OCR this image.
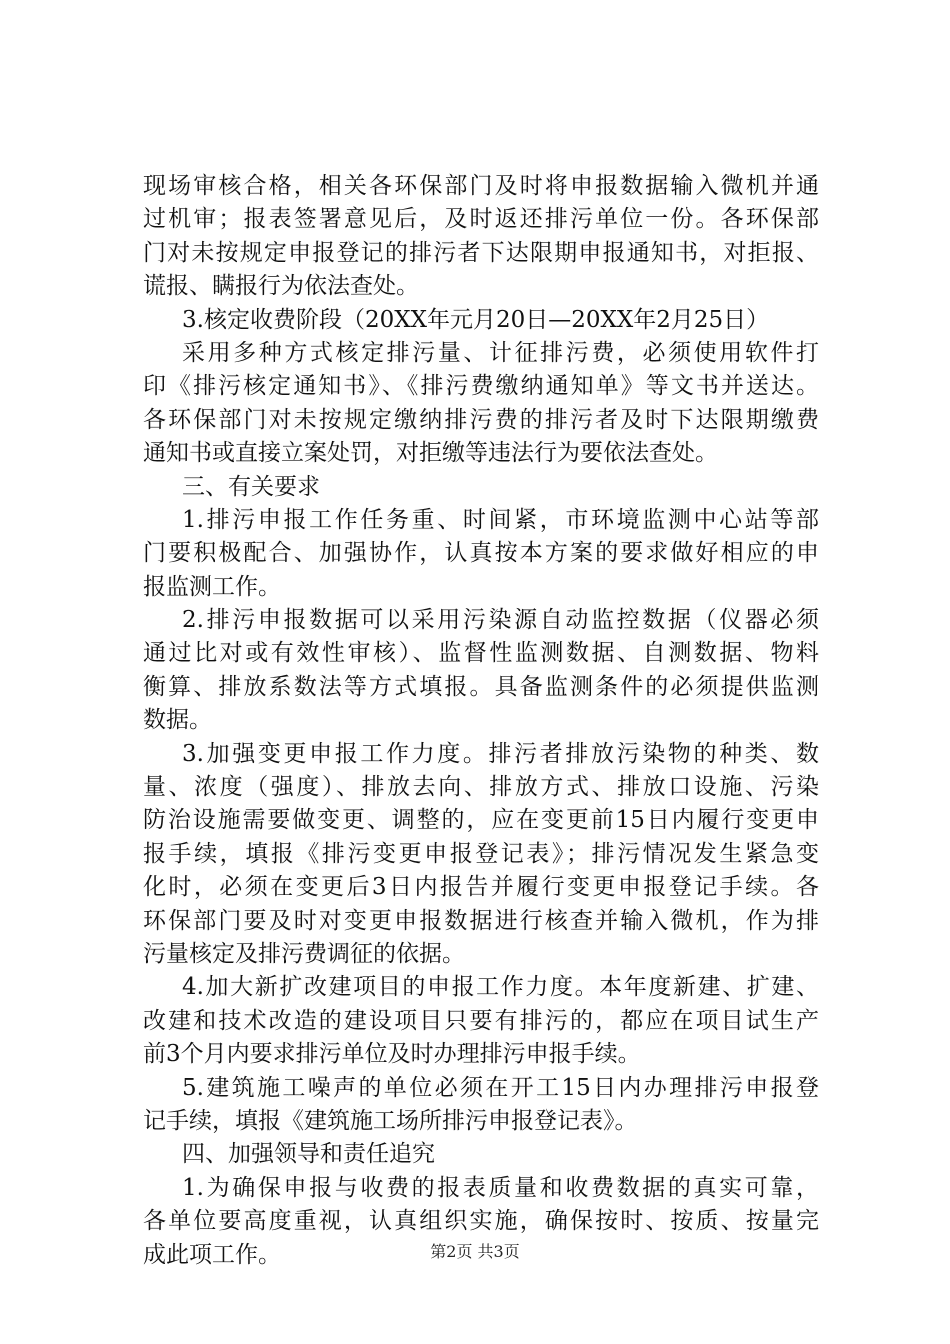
现场审核合格，相关各环保部门及时将申报数据输入微机并通
过机审；报表签署意见后，及时返还排污单位一份。各环保部
门对未按规定申报登记的排污者下达限期申报通知书，对拒报、
谎报、瞒报行为依法查处。
3.核定收费阶段（20XX年元月20日—20XX年2月25日）
采用多种方式核定排污量、计征排污费，必须使用软件打
印《排污核定通知书》、《排污费缴纳通知单》等文书并送达。
各环保部门对未按规定缴纳排污费的排污者及时下达限期缴费
通知书或直接立案处罚，对拒缴等违法行为要依法查处。
三、有关要求
1.排污申报工作任务重、时间紧，市环境监测中心站等部
门要积极配合、加强协作，认真按本方案的要求做好相应的申
报监测工作。
2.排污申报数据可以采用污染源自动监控数据（仪器必须
通过比对或有效性审核）、监督性监测数据、自测数据、物料
衡算、排放系数法等方式填报。具备监测条件的必须提供监测
数据。
3.加强变更申报工作力度。排污者排放污染物的种类、数
量、浓度（强度）、排放去向、排放方式、排放口设施、污染
防治设施需要做变更、调整的，应在变更前15日内履行变更申
报手续，填报《排污变更申报登记表》；排污情况发生紧急变
化时，必须在变更后3日内报告并履行变更申报登记手续。各
环保部门要及时对变更申报数据进行核查并输入微机，作为排
污量核定及排污费调征的依据。
4.加大新扩改建项目的申报工作力度。本年度新建、扩建、
改建和技术改造的建设项目只要有排污的，都应在项目试生产
前3个月内要求排污单位及时办理排污申报手续。
5.建筑施工噪声的单位必须在开工15日内办理排污申报登
记手续，填报《建筑施工场所排污申报登记表》。
四、加强领导和责任追究
1.为确保申报与收费的报表质量和收费数据的真实可靠，
各单位要高度重视，认真组织实施，确保按时、按质、按量完
成此项工作。	第2页 共3页
